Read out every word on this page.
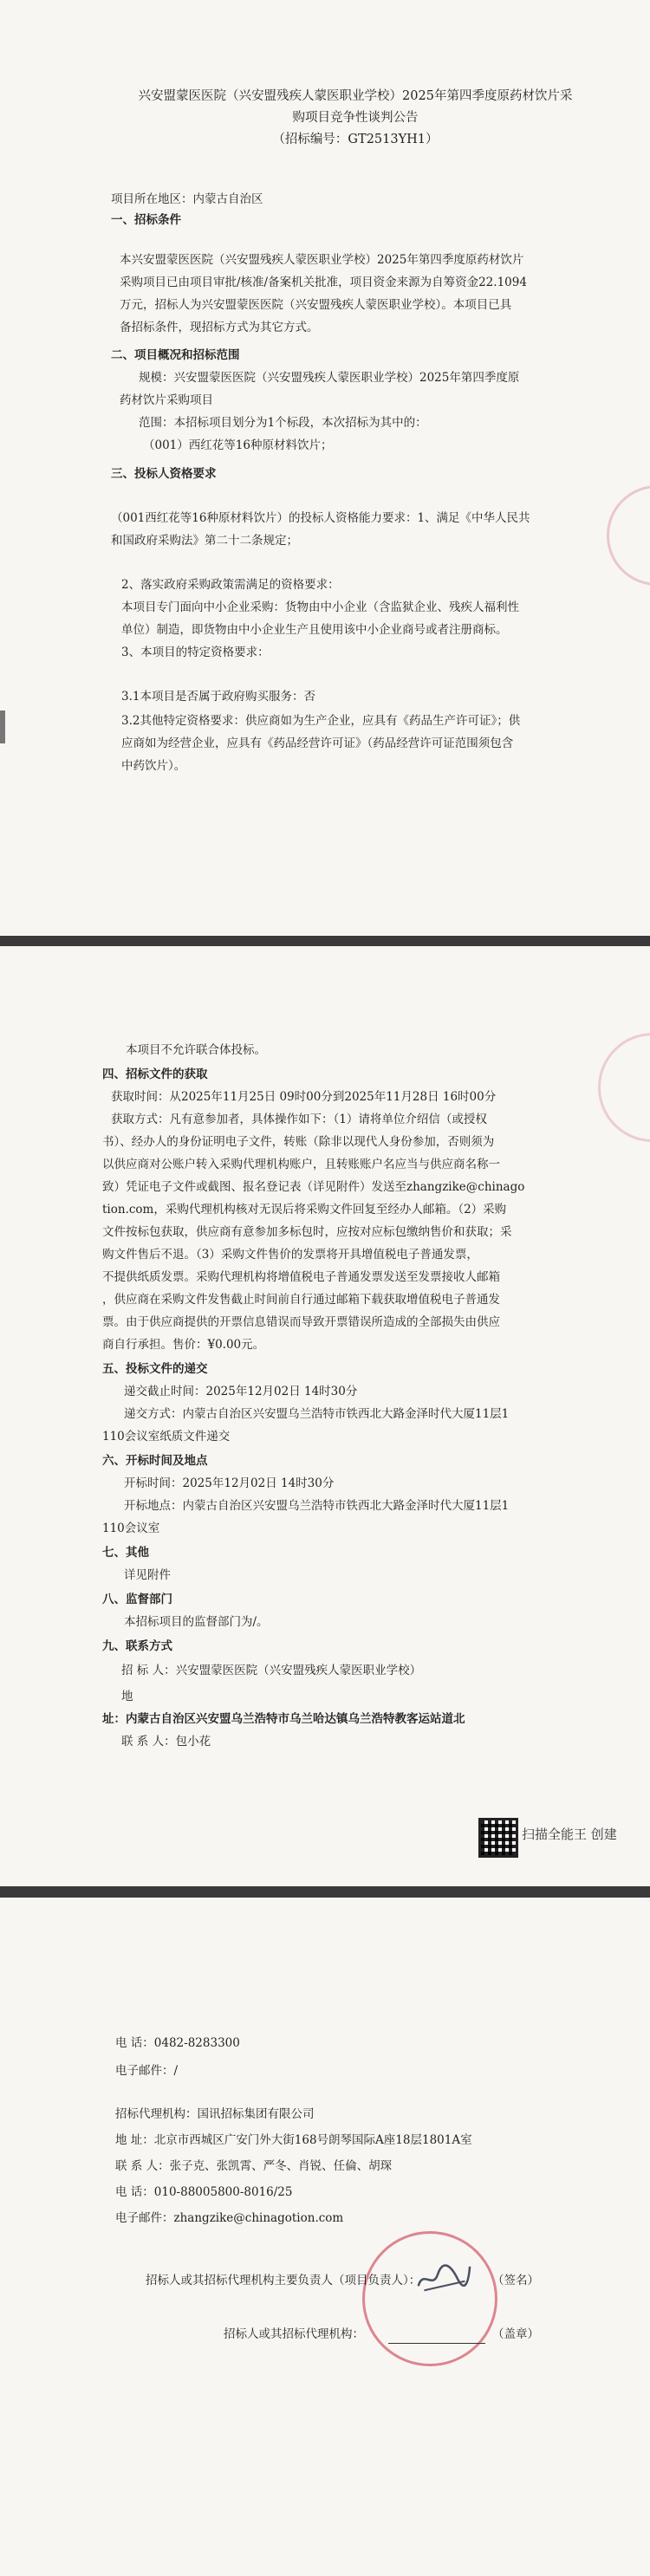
兴安盟蒙医医院（兴安盟残疾人蒙医职业学校）2025年第四季度原药材饮片采
购项目竞争性谈判公告
（招标编号：GT2513YH1）
项目所在地区：内蒙古自治区
一、招标条件
本兴安盟蒙医医院（兴安盟残疾人蒙医职业学校）2025年第四季度原药材饮片
采购项目已由项目审批/核准/备案机关批准，项目资金来源为自筹资金22.1094
万元，招标人为兴安盟蒙医医院（兴安盟残疾人蒙医职业学校）。本项目已具
备招标条件，现招标方式为其它方式。
二、项目概况和招标范围
规模：兴安盟蒙医医院（兴安盟残疾人蒙医职业学校）2025年第四季度原
药材饮片采购项目
范围：本招标项目划分为1个标段，本次招标为其中的：
（001）西红花等16种原材料饮片；
三、投标人资格要求
（001西红花等16种原材料饮片）的投标人资格能力要求：1、满足《中华人民共
和国政府采购法》第二十二条规定；
2、落实政府采购政策需满足的资格要求：
本项目专门面向中小企业采购：货物由中小企业（含监狱企业、残疾人福利性
单位）制造，即货物由中小企业生产且使用该中小企业商号或者注册商标。
3、本项目的特定资格要求：
3.1本项目是否属于政府购买服务：否
3.2其他特定资格要求：供应商如为生产企业，应具有《药品生产许可证》；供
应商如为经营企业，应具有《药品经营许可证》（药品经营许可证范围须包含
中药饮片）。
本项目不允许联合体投标。
四、招标文件的获取
获取时间：从2025年11月25日 09时00分到2025年11月28日 16时00分
获取方式：凡有意参加者，具体操作如下：（1）请将单位介绍信（或授权
书）、经办人的身份证明电子文件，转账（除非以现代人身份参加，否则须为
以供应商对公账户转入采购代理机构账户，且转账账户名应当与供应商名称一
致）凭证电子文件或截图、报名登记表（详见附件）发送至zhangzike@chinago
tion.com，采购代理机构核对无误后将采购文件回复至经办人邮箱。（2）采购
文件按标包获取，供应商有意参加多标包时，应按对应标包缴纳售价和获取；采
购文件售后不退。（3）采购文件售价的发票将开具增值税电子普通发票，
不提供纸质发票。采购代理机构将增值税电子普通发票发送至发票接收人邮箱
，供应商在采购文件发售截止时间前自行通过邮箱下载获取增值税电子普通发
票。由于供应商提供的开票信息错误而导致开票错误所造成的全部损失由供应
商自行承担。售价：¥0.00元。
五、投标文件的递交
递交截止时间：2025年12月02日 14时30分
递交方式：内蒙古自治区兴安盟乌兰浩特市铁西北大路金泽时代大厦11层1
110会议室纸质文件递交
六、开标时间及地点
开标时间：2025年12月02日 14时30分
开标地点：内蒙古自治区兴安盟乌兰浩特市铁西北大路金泽时代大厦11层1
110会议室
七、其他
详见附件
八、监督部门
本招标项目的监督部门为/。
九、联系方式
招 标 人：兴安盟蒙医医院（兴安盟残疾人蒙医职业学校）
地
址：内蒙古自治区兴安盟乌兰浩特市乌兰哈达镇乌兰浩特教客运站道北
联 系 人：包小花
扫描全能王 创建
电 话：0482-8283300
电子邮件：/
招标代理机构：国讯招标集团有限公司
地 址：北京市西城区广安门外大街168号朗琴国际A座18层1801A室
联 系 人：张子克、张凯霄、严冬、肖锐、任倫、胡琛
电 话：010-88005800-8016/25
电子邮件：zhangzike@chinagotion.com
招标人或其招标代理机构主要负责人（项目负责人）：	（签名）
招标人或其招标代理机构：	（盖章）
